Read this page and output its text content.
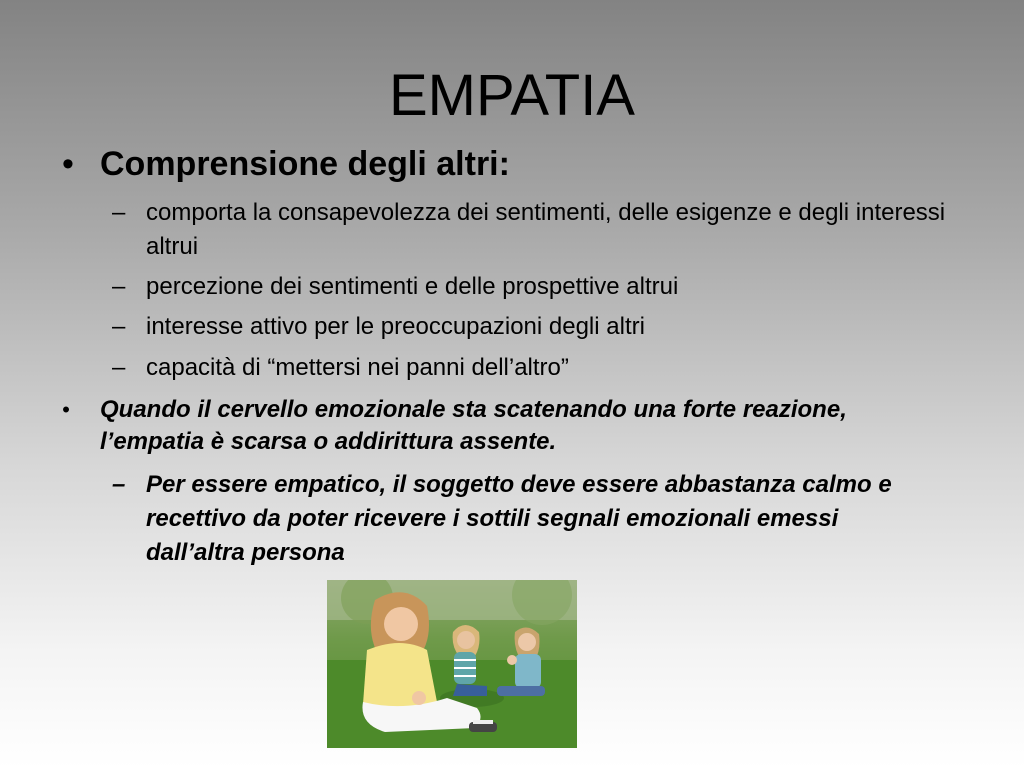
EMPATIA
• Comprensione degli altri:
– comporta la consapevolezza dei sentimenti, delle esigenze e degli interessi altrui
– percezione dei sentimenti e delle prospettive altrui
– interesse attivo per le preoccupazioni degli altri
– capacità di “mettersi nei panni dell’altro”
• Quando il cervello emozionale sta scatenando una forte reazione, l’empatia è scarsa o addirittura assente.
– Per essere empatico, il soggetto deve essere abbastanza calmo e recettivo da poter ricevere i sottili segnali emozionali emessi dall’altra persona
